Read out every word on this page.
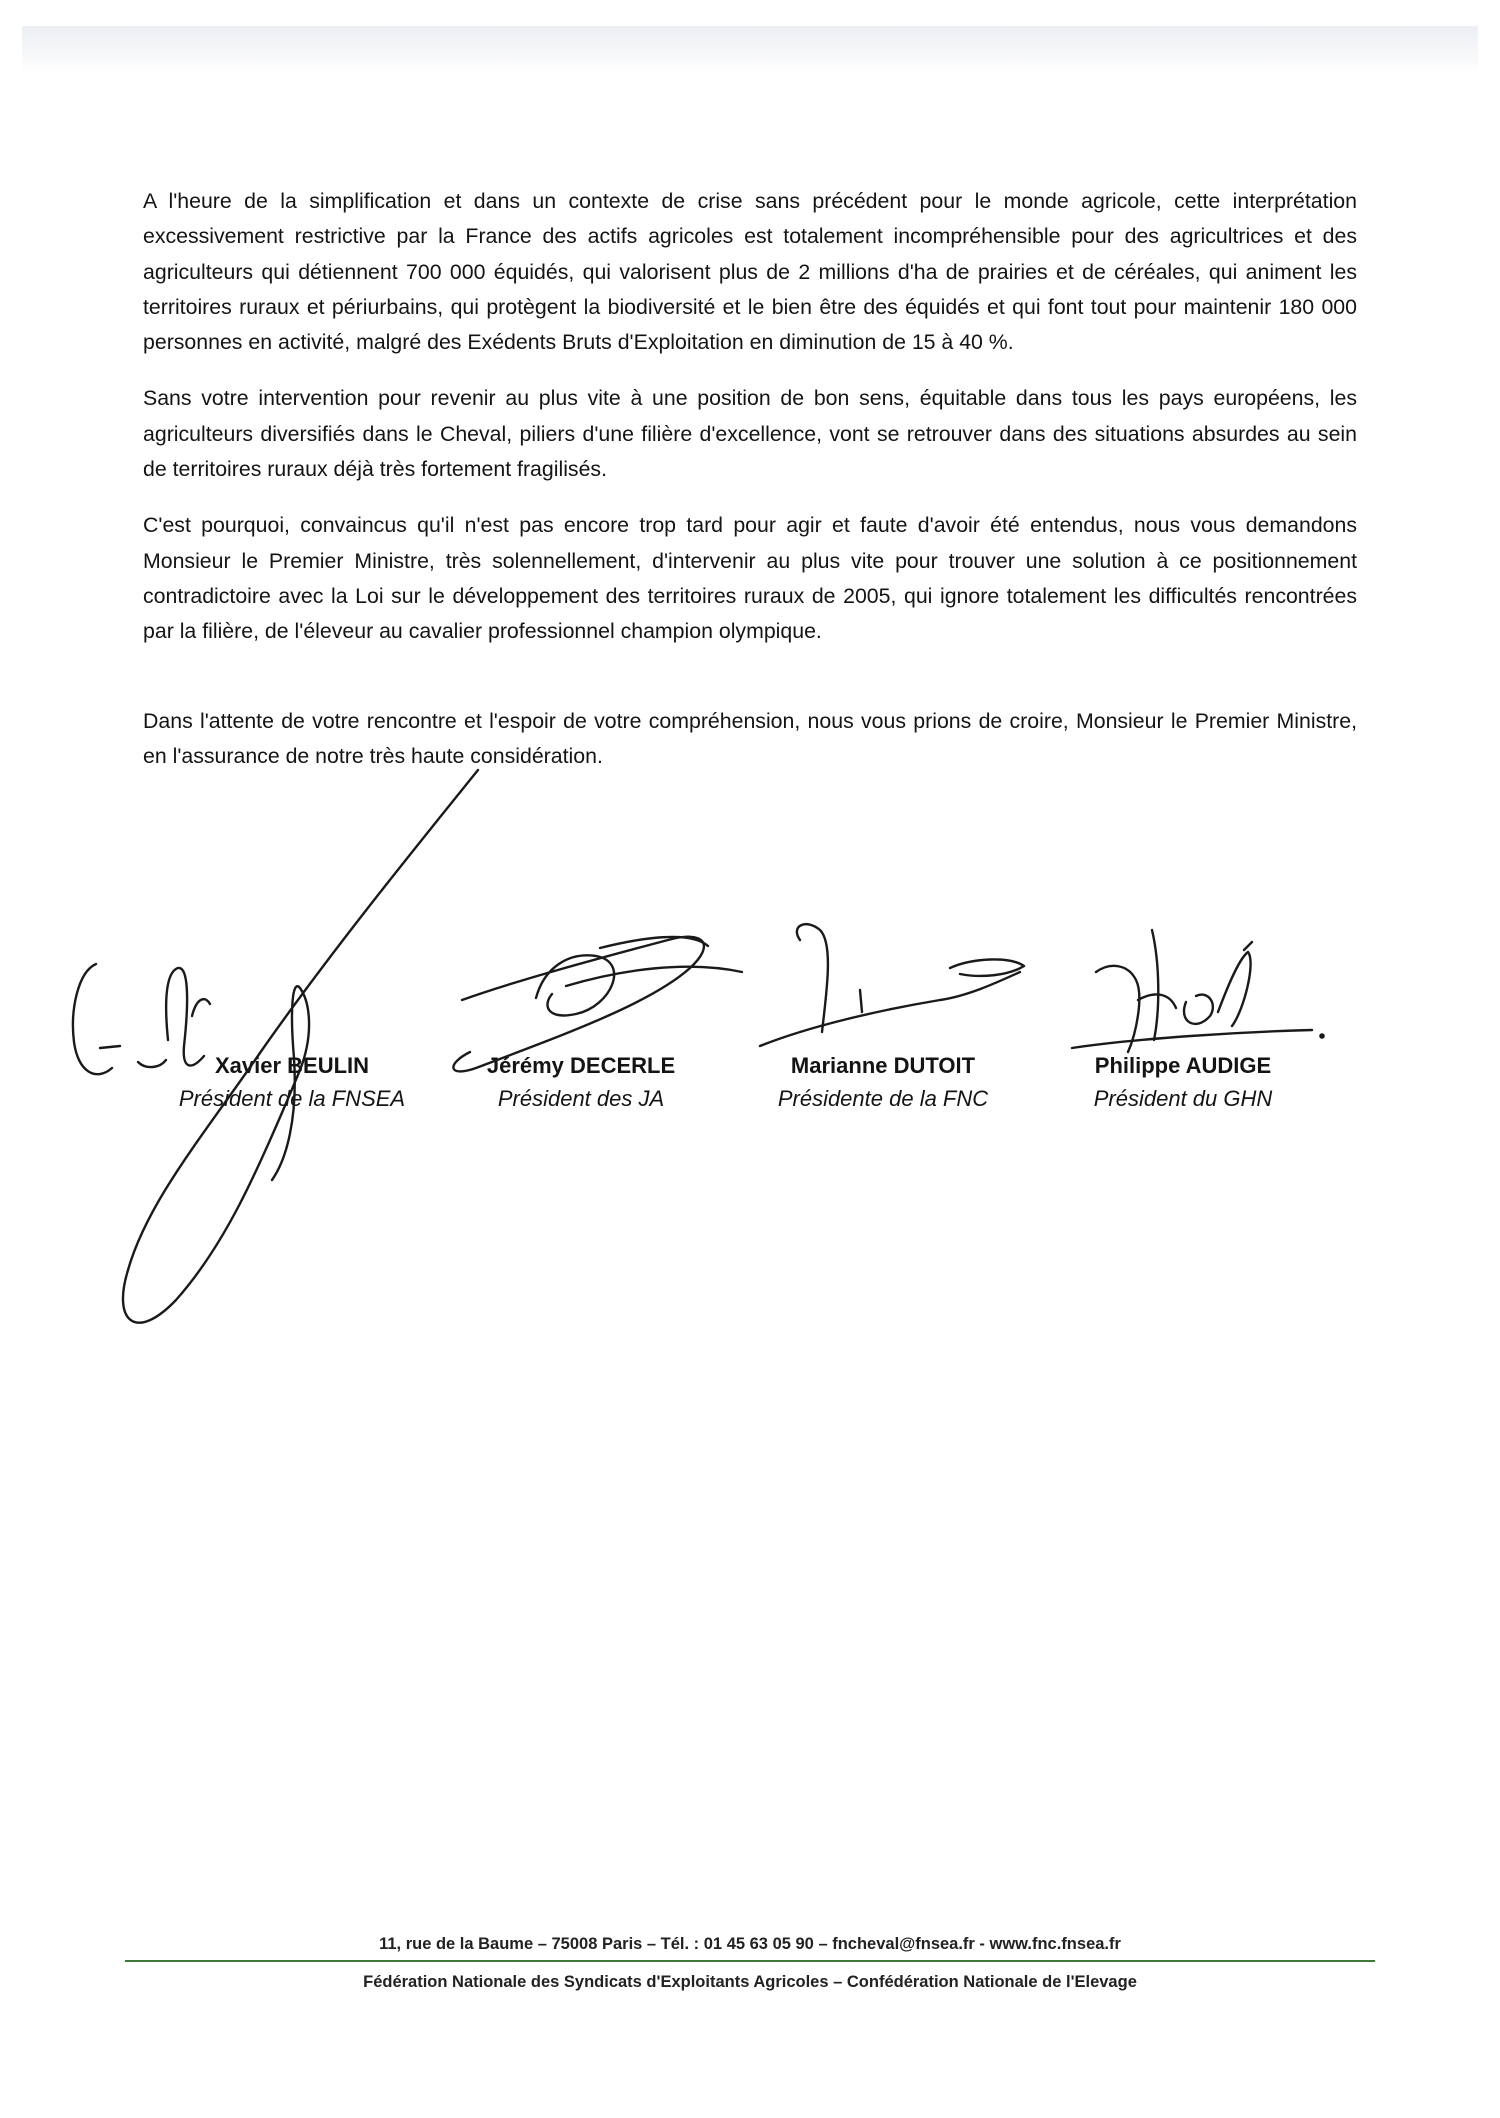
A l'heure de la simplification et dans un contexte de crise sans précédent pour le monde agricole, cette interprétation excessivement restrictive par la France des actifs agricoles est totalement incompréhensible pour des agricultrices et des agriculteurs qui détiennent 700 000 équidés, qui valorisent plus de 2 millions d'ha de prairies et de céréales, qui animent les territoires ruraux et périurbains, qui protègent la biodiversité et le bien être des équidés et qui font tout pour maintenir 180 000 personnes en activité, malgré des Exédents Bruts d'Exploitation en diminution de 15 à 40 %.

Sans votre intervention pour revenir au plus vite à une position de bon sens, équitable dans tous les pays européens, les agriculteurs diversifiés dans le Cheval, piliers d'une filière d'excellence, vont se retrouver dans des situations absurdes au sein de territoires ruraux déjà très fortement fragilisés.

C'est pourquoi, convaincus qu'il n'est pas encore trop tard pour agir et faute d'avoir été entendus, nous vous demandons Monsieur le Premier Ministre, très solennellement, d'intervenir au plus vite pour trouver une solution à ce positionnement contradictoire avec la Loi sur le développement des territoires ruraux de 2005, qui ignore totalement les difficultés rencontrées par la filière, de l'éleveur au cavalier professionnel champion olympique.

Dans l'attente de votre rencontre et l'espoir de votre compréhension, nous vous prions de croire, Monsieur le Premier Ministre, en l'assurance de notre très haute considération.

Xavier BEULIN
Président de la FNSEA
Jérémy DECERLE
Président des JA
Marianne DUTOIT
Présidente de la FNC
Philippe AUDIGE
Président du GHN
11, rue de la Baume – 75008 Paris – Tél. : 01 45 63 05 90 – fncheval@fnsea.fr - www.fnc.fnsea.fr
Fédération Nationale des Syndicats d'Exploitants Agricoles – Confédération Nationale de l'Elevage
